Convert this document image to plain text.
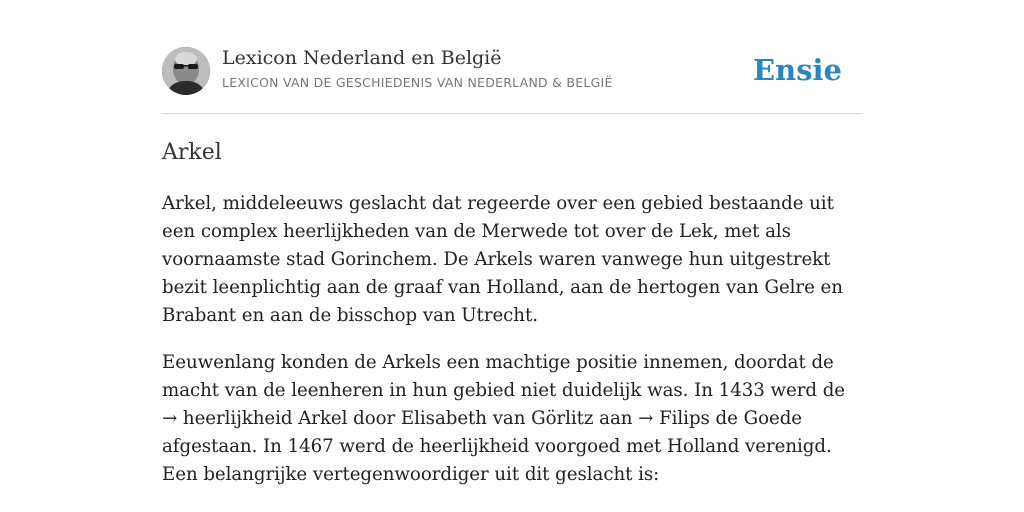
Lexicon Nederland en België
LEXICON VAN DE GESCHIEDENIS VAN NEDERLAND & BELGIË	Ensie
Arkel

Arkel, middeleeuws geslacht dat regeerde over een gebied bestaande uit een complex heerlijkheden van de Merwede tot over de Lek, met als voornaamste stad Gorinchem. De Arkels waren vanwege hun uitgestrekt bezit leenplichtig aan de graaf van Holland, aan de hertogen van Gelre en Brabant en aan de bisschop van Utrecht.

Eeuwenlang konden de Arkels een machtige positie innemen, doordat de macht van de leenheren in hun gebied niet duidelijk was. In 1433 werd de → heerlijkheid Arkel door Elisabeth van Görlitz aan → Filips de Goede afgestaan. In 1467 werd de heerlijkheid voorgoed met Holland verenigd. Een belangrijke vertegenwoordiger uit dit geslacht is:
